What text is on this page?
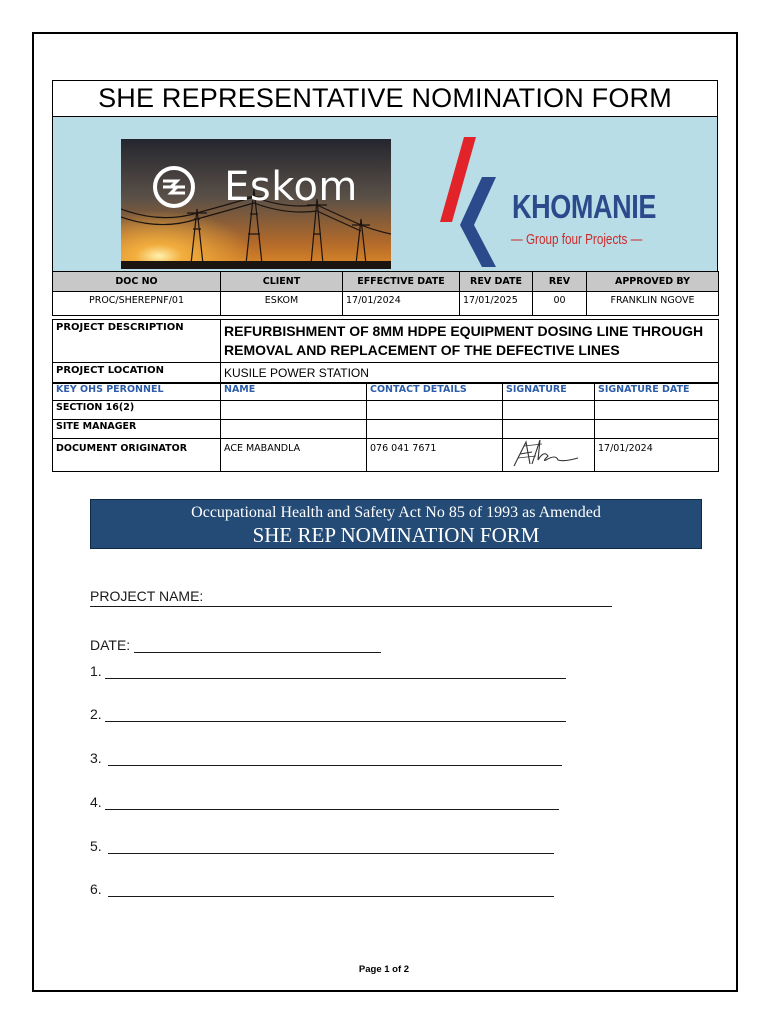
SHE REPRESENTATIVE NOMINATION FORM
Eskom	KHOMANIE
— Group four Projects —
DOC NO	CLIENT	EFFECTIVE DATE	REV DATE	REV	APPROVED BY
PROC/SHEREPNF/01	ESKOM	17/01/2024	17/01/2025	00	FRANKLIN NGOVE
PROJECT DESCRIPTION	REFURBISHMENT OF 8MM HDPE EQUIPMENT DOSING LINE THROUGH REMOVAL AND REPLACEMENT OF THE DEFECTIVE LINES
PROJECT LOCATION	KUSILE POWER STATION
KEY OHS PERONNEL	NAME	CONTACT DETAILS	SIGNATURE	SIGNATURE DATE
SECTION 16(2)				
SITE MANAGER				
DOCUMENT ORIGINATOR	ACE MABANDLA	076 041 7671		17/01/2024
Occupational Health and Safety Act No 85 of 1993 as Amended
SHE REP NOMINATION FORM
PROJECT NAME:
DATE:
1.
2.
3.
4.
5.
6.
Page 1 of 2
